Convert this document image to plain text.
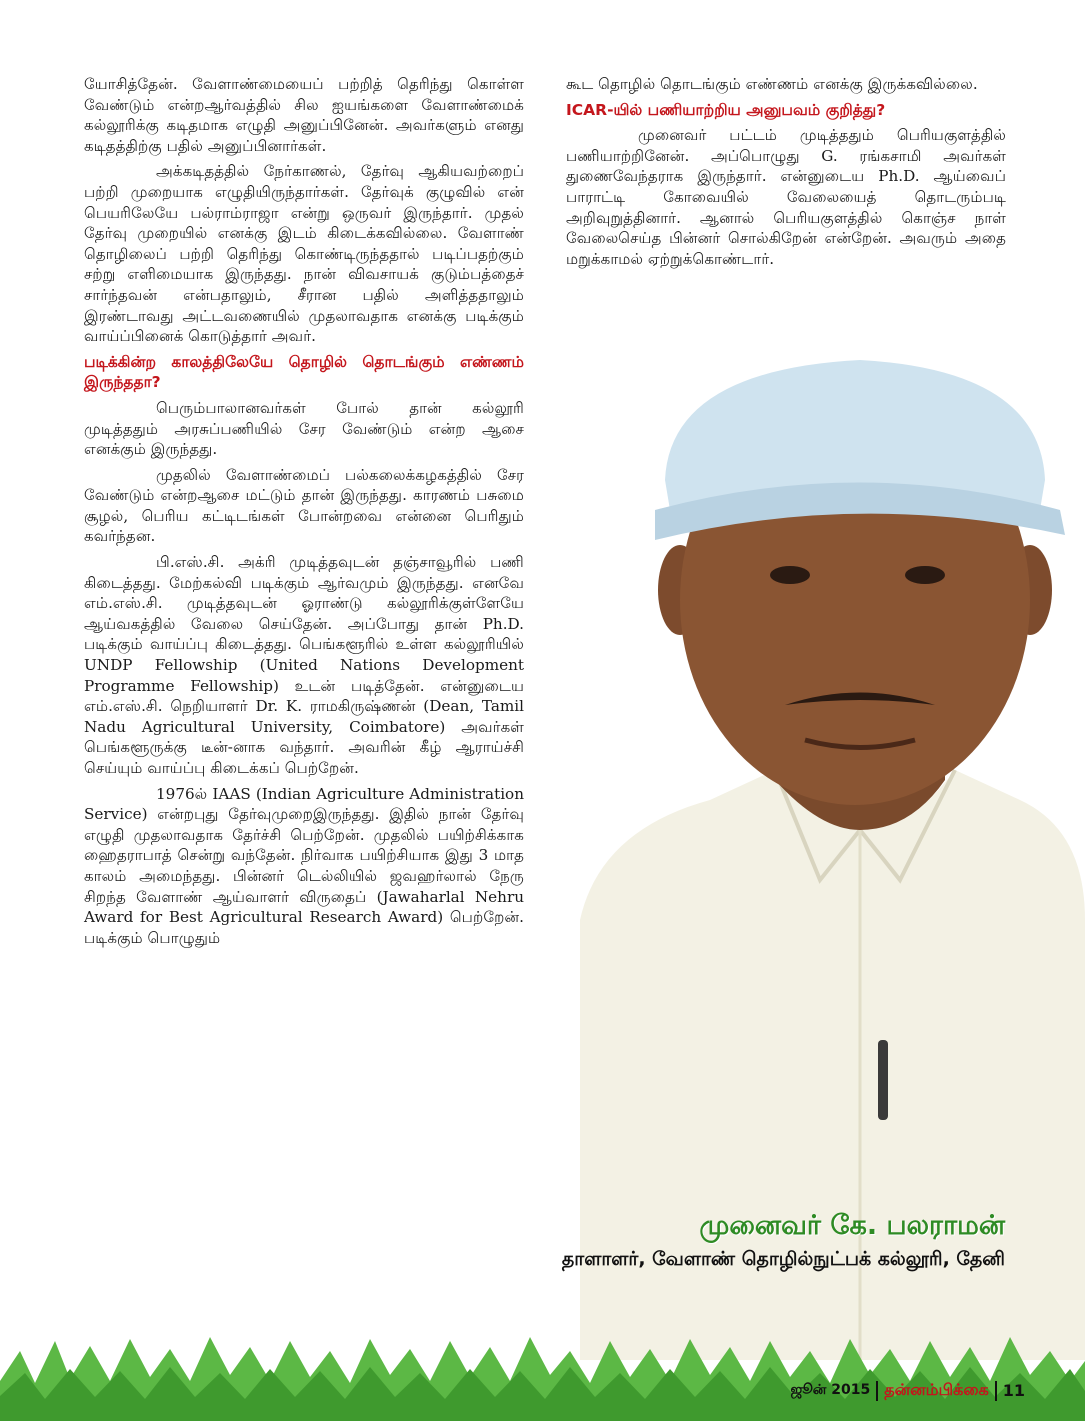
யோசித்தேன். வேளாண்மையைப் பற்றித் தெரிந்து கொள்ள வேண்டும் என்றஆர்வத்தில் சில ஐயங்களை வேளாண்மைக் கல்லூரிக்கு கடிதமாக எழுதி அனுப்பினேன். அவர்களும் எனது கடிதத்திற்கு பதில் அனுப்பினார்கள்.

அக்கடிதத்தில் நேர்காணல், தேர்வு ஆகியவற்றைப் பற்றி முறையாக எழுதியிருந்தார்கள். தேர்வுக் குழுவில் என் பெயரிலேயே பல்ராம்ராஜா என்று ஒருவர் இருந்தார். முதல் தேர்வு முறையில் எனக்கு இடம் கிடைக்கவில்லை. வேளாண் தொழிலைப் பற்றி தெரிந்து கொண்டிருந்ததால் படிப்பதற்கும் சற்று எளிமையாக இருந்தது. நான் விவசாயக் குடும்பத்தைச் சார்ந்தவன் என்பதாலும், சீரான பதில் அளித்ததாலும் இரண்டாவது அட்டவணையில் முதலாவதாக எனக்கு படிக்கும் வாய்ப்பினைக் கொடுத்தார் அவர்.

படிக்கின்ற காலத்திலேயே தொழில் தொடங்கும் எண்ணம் இருந்ததா?

பெரும்பாலானவர்கள் போல் தான் கல்லூரி முடித்ததும் அரசுப்பணியில் சேர வேண்டும் என்ற ஆசை எனக்கும் இருந்தது.

முதலில் வேளாண்மைப் பல்கலைக்கழகத்தில் சேர வேண்டும் என்றஆசை மட்டும் தான் இருந்தது. காரணம் பசுமை சூழல், பெரிய கட்டிடங்கள் போன்றவை என்னை பெரிதும் கவர்ந்தன.

பி.எஸ்.சி. அக்ரி முடித்தவுடன் தஞ்சாவூரில் பணி கிடைத்தது. மேற்கல்வி படிக்கும் ஆர்வமும் இருந்தது. எனவே எம்.எஸ்.சி. முடித்தவுடன் ஓராண்டு கல்லூரிக்குள்ளேயே ஆய்வகத்தில் வேலை செய்தேன். அப்போது தான் Ph.D. படிக்கும் வாய்ப்பு கிடைத்தது. பெங்களூரில் உள்ள கல்லூரியில் UNDP Fellowship (United Nations Development Programme Fellowship) உடன் படித்தேன். என்னுடைய எம்.எஸ்.சி. நெறியாளர் Dr. K. ராமகிருஷ்ணன் (Dean, Tamil Nadu Agricultural University, Coimbatore) அவர்கள் பெங்களூருக்கு டீன்-னாக வந்தார். அவரின் கீழ் ஆராய்ச்சி செய்யும் வாய்ப்பு கிடைக்கப் பெற்றேன்.

1976ல் IAAS (Indian Agriculture Administration Service) என்றபுது தேர்வுமுறைஇருந்தது. இதில் நான் தேர்வு எழுதி முதலாவதாக தேர்ச்சி பெற்றேன். முதலில் பயிற்சிக்காக ஹைதராபாத் சென்று வந்தேன். நிர்வாக பயிற்சியாக இது 3 மாத காலம் அமைந்தது. பின்னர் டெல்லியில் ஜவஹர்லால் நேரு சிறந்த வேளாண் ஆய்வாளர் விருதைப் (Jawaharlal Nehru Award for Best Agricultural Research Award) பெற்றேன். படிக்கும் பொழுதும்

கூட தொழில் தொடங்கும் எண்ணம் எனக்கு இருக்கவில்லை.

ICAR-யில் பணியாற்றிய அனுபவம் குறித்து?

முனைவர் பட்டம் முடித்ததும் பெரியகுளத்தில் பணியாற்றினேன். அப்பொழுது G. ரங்கசாமி அவர்கள் துணைவேந்தராக இருந்தார். என்னுடைய Ph.D. ஆய்வைப் பாராட்டி கோவையில் வேலையைத் தொடரும்படி அறிவுறுத்தினார். ஆனால் பெரியகுளத்தில் கொஞ்ச நாள் வேலைசெய்த பின்னர் சொல்கிறேன் என்றேன். அவரும் அதை மறுக்காமல் ஏற்றுக்கொண்டார்.

முனைவர் கே. பலராமன்
தாளாளர், வேளாண் தொழில்நுட்பக் கல்லூரி, தேனி
ஜூன் 2015 தன்னம்பிக்கை 11
